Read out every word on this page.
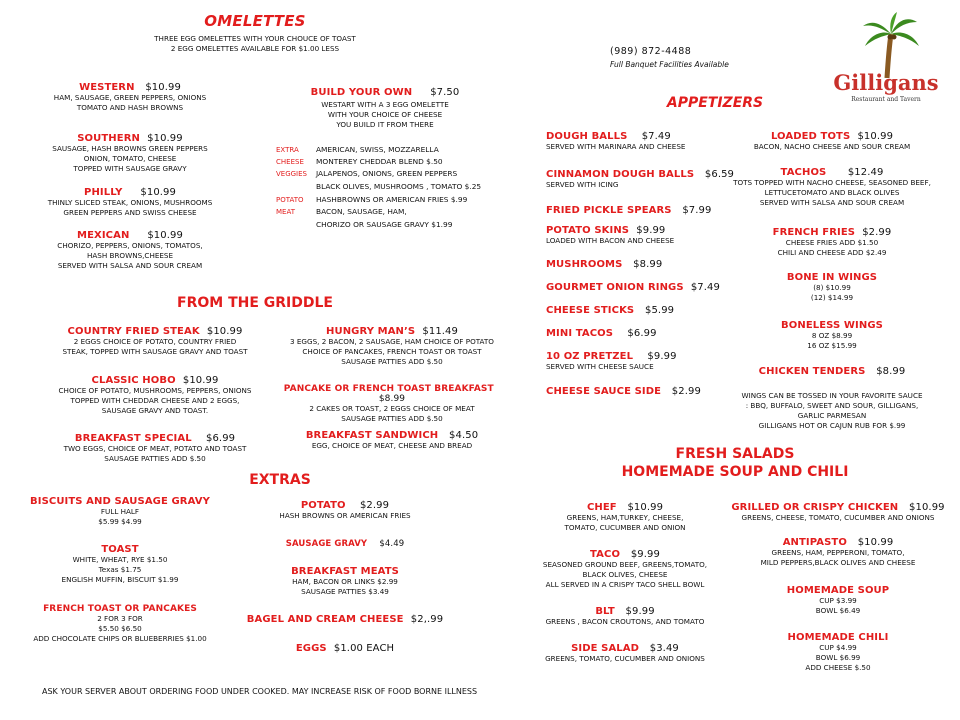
OMELETTES
THREE EGG OMELETTES WITH YOUR CHOUCE OF TOAST
2 EGG OMELETTES AVAILABLE FOR $1.00 LESS
WESTERN $10.99
HAM, SAUSAGE, GREEN PEPPERS, ONIONS
TOMATO AND HASH BROWNS
SOUTHERN $10.99
SAUSAGE, HASH BROWNS GREEN PEPPERS
ONION, TOMATO, CHEESE
TOPPED WITH SAUSAGE GRAVY
PHILLY $10.99
THINLY SLICED STEAK, ONIONS, MUSHROOMS
GREEN PEPPERS AND SWISS CHEESE
MEXICAN $10.99
CHORIZO, PEPPERS, ONIONS, TOMATOS,
HASH BROWNS,CHEESE
SERVED WITH SALSA AND SOUR CREAM
BUILD YOUR OWN $7.50
WESTART WITH A 3 EGG OMELETTE
WITH YOUR CHOICE OF CHEESE
YOU BUILD IT FROM THERE
EXTRA	AMERICAN, SWISS, MOZZARELLA
CHEESE	MONTEREY CHEDDAR BLEND $.50
VEGGIES	JALAPENOS, ONIONS, GREEN PEPPERS
BLACK OLIVES, MUSHROOMS , TOMATO $.25
POTATO	HASHBROWNS OR AMERICAN FRIES $.99
MEAT	BACON, SAUSAGE, HAM,
CHORIZO OR SAUSAGE GRAVY $1.99
(989) 872-4488
Full Banquet Facilities Available
Gilligans
Restaurant and Tavern
APPETIZERS
DOUGH BALLS $7.49
SERVED WITH MARINARA AND CHEESE
CINNAMON DOUGH BALLS $6.59
SERVED WITH ICING
FRIED PICKLE SPEARS $7.99
POTATO SKINS $9.99
LOADED WITH BACON AND CHEESE
MUSHROOMS $8.99
GOURMET ONION RINGS $7.49
CHEESE STICKS $5.99
MINI TACOS $6.99
10 OZ PRETZEL $9.99
SERVED WITH CHEESE SAUCE
CHEESE SAUCE SIDE $2.99
LOADED TOTS $10.99
BACON, NACHO CHEESE AND SOUR CREAM
TACHOS $12.49
TOTS TOPPED WITH NACHO CHEESE, SEASONED BEEF,
LETTUCETOMATO AND BLACK OLIVES
SERVED WITH SALSA AND SOUR CREAM
FRENCH FRIES $2.99
CHEESE FRIES ADD $1.50
CHILI AND CHEESE ADD $2.49
BONE IN WINGS
(8) $10.99
(12) $14.99
BONELESS WINGS
8 OZ $8.99
16 OZ $15.99
CHICKEN TENDERS $8.99
WINGS CAN BE TOSSED IN YOUR FAVORITE SAUCE
: BBQ, BUFFALO, SWEET AND SOUR, GILLIGANS,
GARLIC PARMESAN
GILLIGANS HOT OR CAJUN RUB FOR $.99
FROM THE GRIDDLE
COUNTRY FRIED STEAK $10.99
2 EGGS CHOICE OF POTATO, COUNTRY FRIED
STEAK, TOPPED WITH SAUSAGE GRAVY AND TOAST
CLASSIC HOBO $10.99
CHOICE OF POTATO, MUSHROOMS, PEPPERS, ONIONS
TOPPED WITH CHEDDAR CHEESE AND 2 EGGS,
SAUSAGE GRAVY AND TOAST.
BREAKFAST SPECIAL $6.99
TWO EGGS, CHOICE OF MEAT, POTATO AND TOAST
SAUSAGE PATTIES ADD $.50
HUNGRY MAN’S $11.49
3 EGGS, 2 BACON, 2 SAUSAGE, HAM CHOICE OF POTATO
CHOICE OF PANCAKES, FRENCH TOAST OR TOAST
SAUSAGE PATTIES ADD $.50
PANCAKE OR FRENCH TOAST BREAKFAST   $8.99
2 CAKES OR TOAST, 2 EGGS CHOICE OF MEAT
SAUSAGE PATTIES ADD $.50
BREAKFAST SANDWICH $4.50
EGG, CHOICE OF MEAT, CHEESE AND BREAD
EXTRAS
BISCUITS AND SAUSAGE GRAVY
FULL HALF
$5.99 $4.99
TOAST
WHITE, WHEAT, RYE $1.50
Texas $1.75
ENGLISH MUFFIN, BISCUIT $1.99
FRENCH TOAST OR PANCAKES
2 FOR 3 FOR
$5.50 $6.50
ADD CHOCOLATE CHIPS OR BLUEBERRIES $1.00
POTATO $2.99
HASH BROWNS OR AMERICAN FRIES
SAUSAGE GRAVY $4.49
BREAKFAST MEATS
HAM, BACON OR LINKS $2.99
SAUSAGE PATTIES $3.49
BAGEL AND CREAM CHEESE $2,.99
EGGS $1.00 EACH
FRESH SALADS
HOMEMADE SOUP AND CHILI
CHEF $10.99
GREENS, HAM,TURKEY, CHEESE,
TOMATO, CUCUMBER AND ONION
TACO $9.99
SEASONED GROUND BEEF, GREENS,TOMATO,
BLACK OLIVES, CHEESE
ALL SERVED IN A CRISPY TACO SHELL BOWL
BLT $9.99
GREENS , BACON CROUTONS, AND TOMATO
SIDE SALAD $3.49
GREENS, TOMATO, CUCUMBER AND ONIONS
GRILLED OR CRISPY CHICKEN $10.99
GREENS, CHEESE, TOMATO, CUCUMBER AND ONIONS
ANTIPASTO $10.99
GREENS, HAM, PEPPERONI, TOMATO,
MILD PEPPERS,BLACK OLIVES AND CHEESE
HOMEMADE SOUP
CUP $3.99
BOWL $6.49
HOMEMADE CHILI
CUP $4.99
BOWL $6.99
ADD CHEESE $.50
ASK YOUR SERVER ABOUT ORDERING FOOD UNDER COOKED. MAY INCREASE RISK OF FOOD BORNE ILLNESS
